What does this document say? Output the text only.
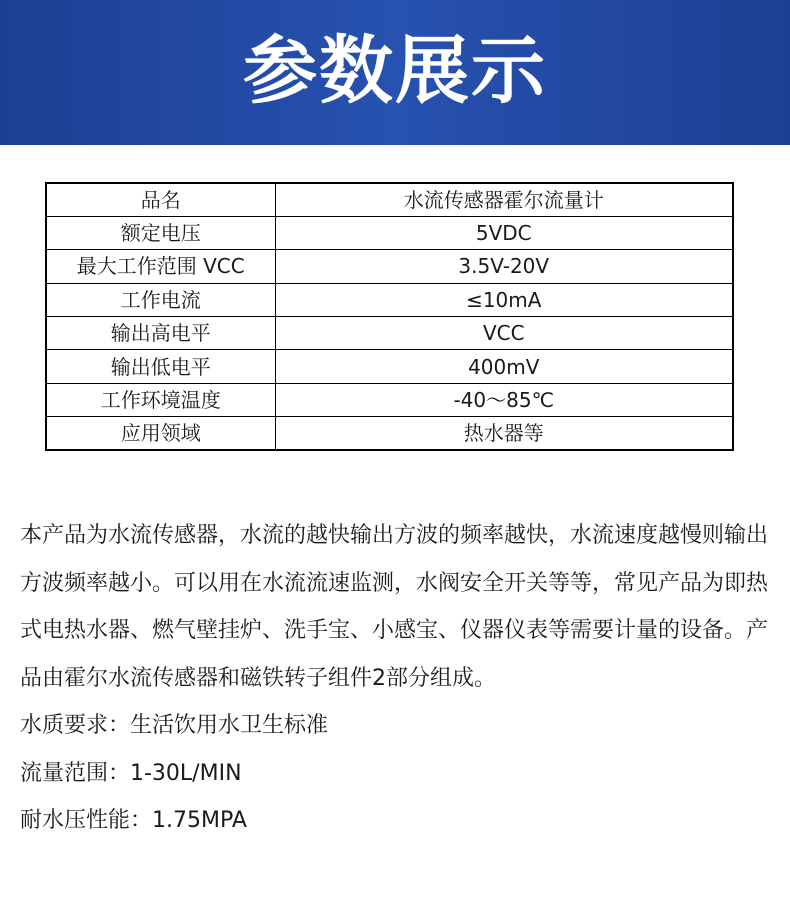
参数展示
品名	水流传感器霍尔流量计
额定电压	5VDC
最大工作范围 VCC	3.5V-20V
工作电流	≤10mA
输出高电平	VCC
输出低电平	400mV
工作环境温度	-40～85℃
应用领域	热水器等

本产品为水流传感器，水流的越快输出方波的频率越快，水流速度越慢则输出方波频率越小。可以用在水流流速监测，水阀安全开关等等，常见产品为即热式电热水器、燃气壁挂炉、洗手宝、小感宝、仪器仪表等需要计量的设备。产品由霍尔水流传感器和磁铁转子组件2部分组成。

水质要求：生活饮用水卫生标准

流量范围：1-30L/MIN

耐水压性能：1.75MPA
